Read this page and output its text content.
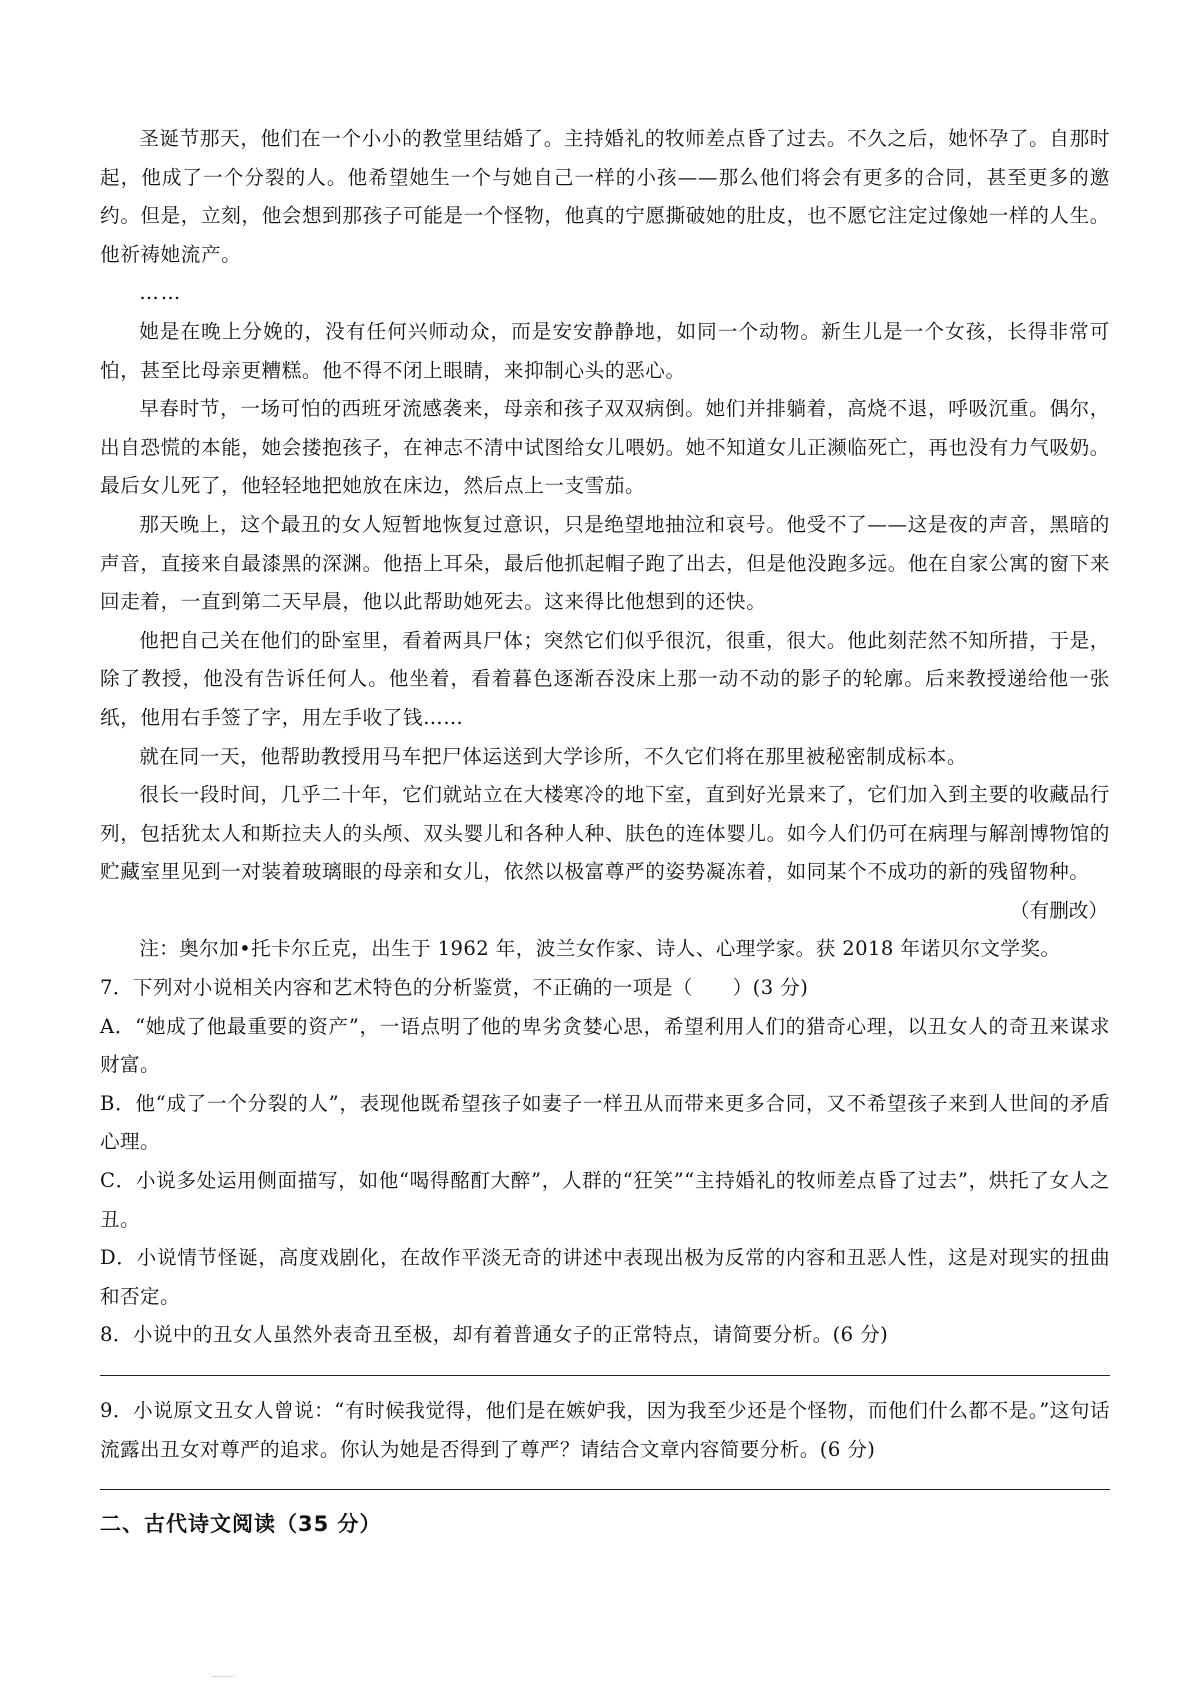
圣诞节那天，他们在一个小小的教堂里结婚了。主持婚礼的牧师差点昏了过去。不久之后，她怀孕了。自那时起，他成了一个分裂的人。他希望她生一个与她自己一样的小孩——那么他们将会有更多的合同，甚至更多的邀约。但是，立刻，他会想到那孩子可能是一个怪物，他真的宁愿撕破她的肚皮，也不愿它注定过像她一样的人生。他祈祷她流产。

……

她是在晚上分娩的，没有任何兴师动众，而是安安静静地，如同一个动物。新生儿是一个女孩，长得非常可怕，甚至比母亲更糟糕。他不得不闭上眼睛，来抑制心头的恶心。

早春时节，一场可怕的西班牙流感袭来，母亲和孩子双双病倒。她们并排躺着，高烧不退，呼吸沉重。偶尔，出自恐慌的本能，她会搂抱孩子，在神志不清中试图给女儿喂奶。她不知道女儿正濒临死亡，再也没有力气吸奶。最后女儿死了，他轻轻地把她放在床边，然后点上一支雪茄。

那天晚上，这个最丑的女人短暂地恢复过意识，只是绝望地抽泣和哀号。他受不了——这是夜的声音，黑暗的声音，直接来自最漆黑的深渊。他捂上耳朵，最后他抓起帽子跑了出去，但是他没跑多远。他在自家公寓的窗下来回走着，一直到第二天早晨，他以此帮助她死去。这来得比他想到的还快。

他把自己关在他们的卧室里，看着两具尸体；突然它们似乎很沉，很重，很大。他此刻茫然不知所措，于是，除了教授，他没有告诉任何人。他坐着，看着暮色逐渐吞没床上那一动不动的影子的轮廓。后来教授递给他一张纸，他用右手签了字，用左手收了钱……

就在同一天，他帮助教授用马车把尸体运送到大学诊所，不久它们将在那里被秘密制成标本。

很长一段时间，几乎二十年，它们就站立在大楼寒冷的地下室，直到好光景来了，它们加入到主要的收藏品行列，包括犹太人和斯拉夫人的头颅、双头婴儿和各种人种、肤色的连体婴儿。如今人们仍可在病理与解剖博物馆的贮藏室里见到一对装着玻璃眼的母亲和女儿，依然以极富尊严的姿势凝冻着，如同某个不成功的新的残留物种。

（有删改）

注：奥尔加•托卡尔丘克，出生于 1962 年，波兰女作家、诗人、心理学家。获 2018 年诺贝尔文学奖。

7．下列对小说相关内容和艺术特色的分析鉴赏，不正确的一项是（　　）(3 分)

A．“她成了他最重要的资产”，一语点明了他的卑劣贪婪心思，希望利用人们的猎奇心理，以丑女人的奇丑来谋求财富。

B．他“成了一个分裂的人”，表现他既希望孩子如妻子一样丑从而带来更多合同，又不希望孩子来到人世间的矛盾心理。

C．小说多处运用侧面描写，如他“喝得酩酊大醉”，人群的“狂笑”“主持婚礼的牧师差点昏了过去”，烘托了女人之丑。

D．小说情节怪诞，高度戏剧化，在故作平淡无奇的讲述中表现出极为反常的内容和丑恶人性，这是对现实的扭曲和否定。

8．小说中的丑女人虽然外表奇丑至极，却有着普通女子的正常特点，请简要分析。(6 分)

9．小说原文丑女人曾说：“有时候我觉得，他们是在嫉妒我，因为我至少还是个怪物，而他们什么都不是。”这句话流露出丑女对尊严的追求。你认为她是否得到了尊严？请结合文章内容简要分析。(6 分)

二、古代诗文阅读（35 分）
